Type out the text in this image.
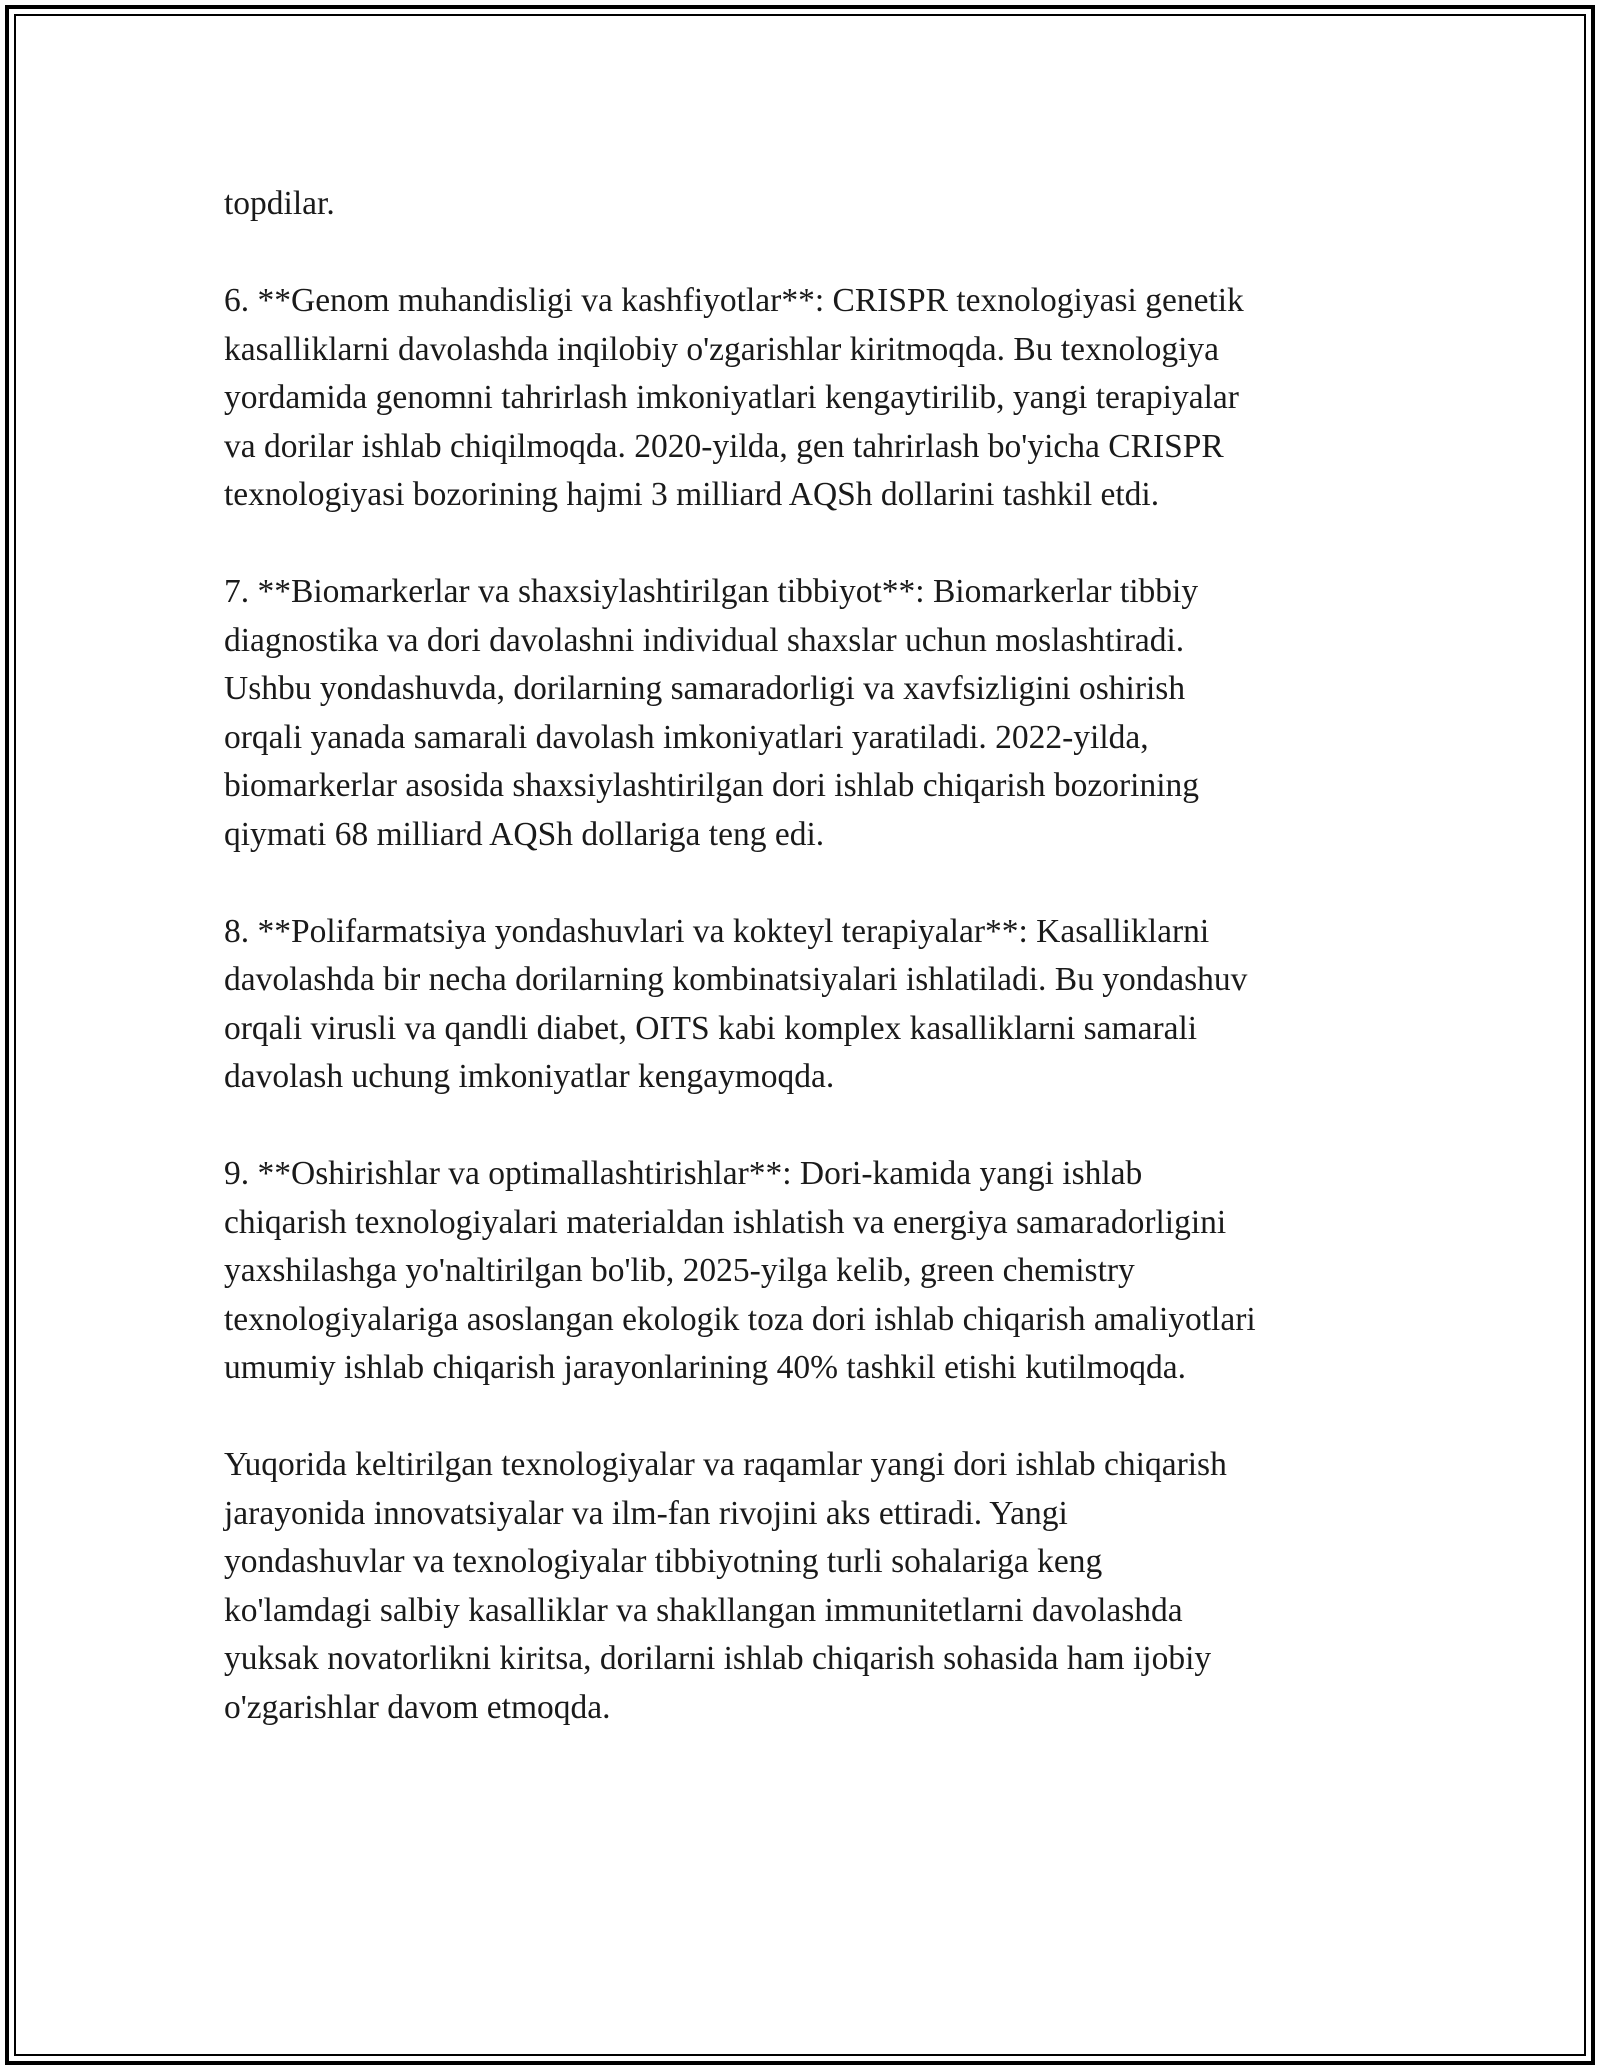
topdilar.

6. **Genom muhandisligi va kashfiyotlar**: CRISPR texnologiyasi genetik
kasalliklarni davolashda inqilobiy o'zgarishlar kiritmoqda. Bu texnologiya
yordamida genomni tahrirlash imkoniyatlari kengaytirilib, yangi terapiyalar
va dorilar ishlab chiqilmoqda. 2020-yilda, gen tahrirlash bo'yicha CRISPR
texnologiyasi bozorining hajmi 3 milliard AQSh dollarini tashkil etdi.

7. **Biomarkerlar va shaxsiylashtirilgan tibbiyot**: Biomarkerlar tibbiy
diagnostika va dori davolashni individual shaxslar uchun moslashtiradi.
Ushbu yondashuvda, dorilarning samaradorligi va xavfsizligini oshirish
orqali yanada samarali davolash imkoniyatlari yaratiladi. 2022-yilda,
biomarkerlar asosida shaxsiylashtirilgan dori ishlab chiqarish bozorining
qiymati 68 milliard AQSh dollariga teng edi.

8. **Polifarmatsiya yondashuvlari va kokteyl terapiyalar**: Kasalliklarni
davolashda bir necha dorilarning kombinatsiyalari ishlatiladi. Bu yondashuv
orqali virusli va qandli diabet, OITS kabi komplex kasalliklarni samarali
davolash uchung imkoniyatlar kengaymoqda.

9. **Oshirishlar va optimallashtirishlar**: Dori-kamida yangi ishlab
chiqarish texnologiyalari materialdan ishlatish va energiya samaradorligini
yaxshilashga yo'naltirilgan bo'lib, 2025-yilga kelib, green chemistry
texnologiyalariga asoslangan ekologik toza dori ishlab chiqarish amaliyotlari
umumiy ishlab chiqarish jarayonlarining 40% tashkil etishi kutilmoqda.

Yuqorida keltirilgan texnologiyalar va raqamlar yangi dori ishlab chiqarish
jarayonida innovatsiyalar va ilm-fan rivojini aks ettiradi. Yangi
yondashuvlar va texnologiyalar tibbiyotning turli sohalariga keng
ko'lamdagi salbiy kasalliklar va shakllangan immunitetlarni davolashda
yuksak novatorlikni kiritsa, dorilarni ishlab chiqarish sohasida ham ijobiy
o'zgarishlar davom etmoqda.
